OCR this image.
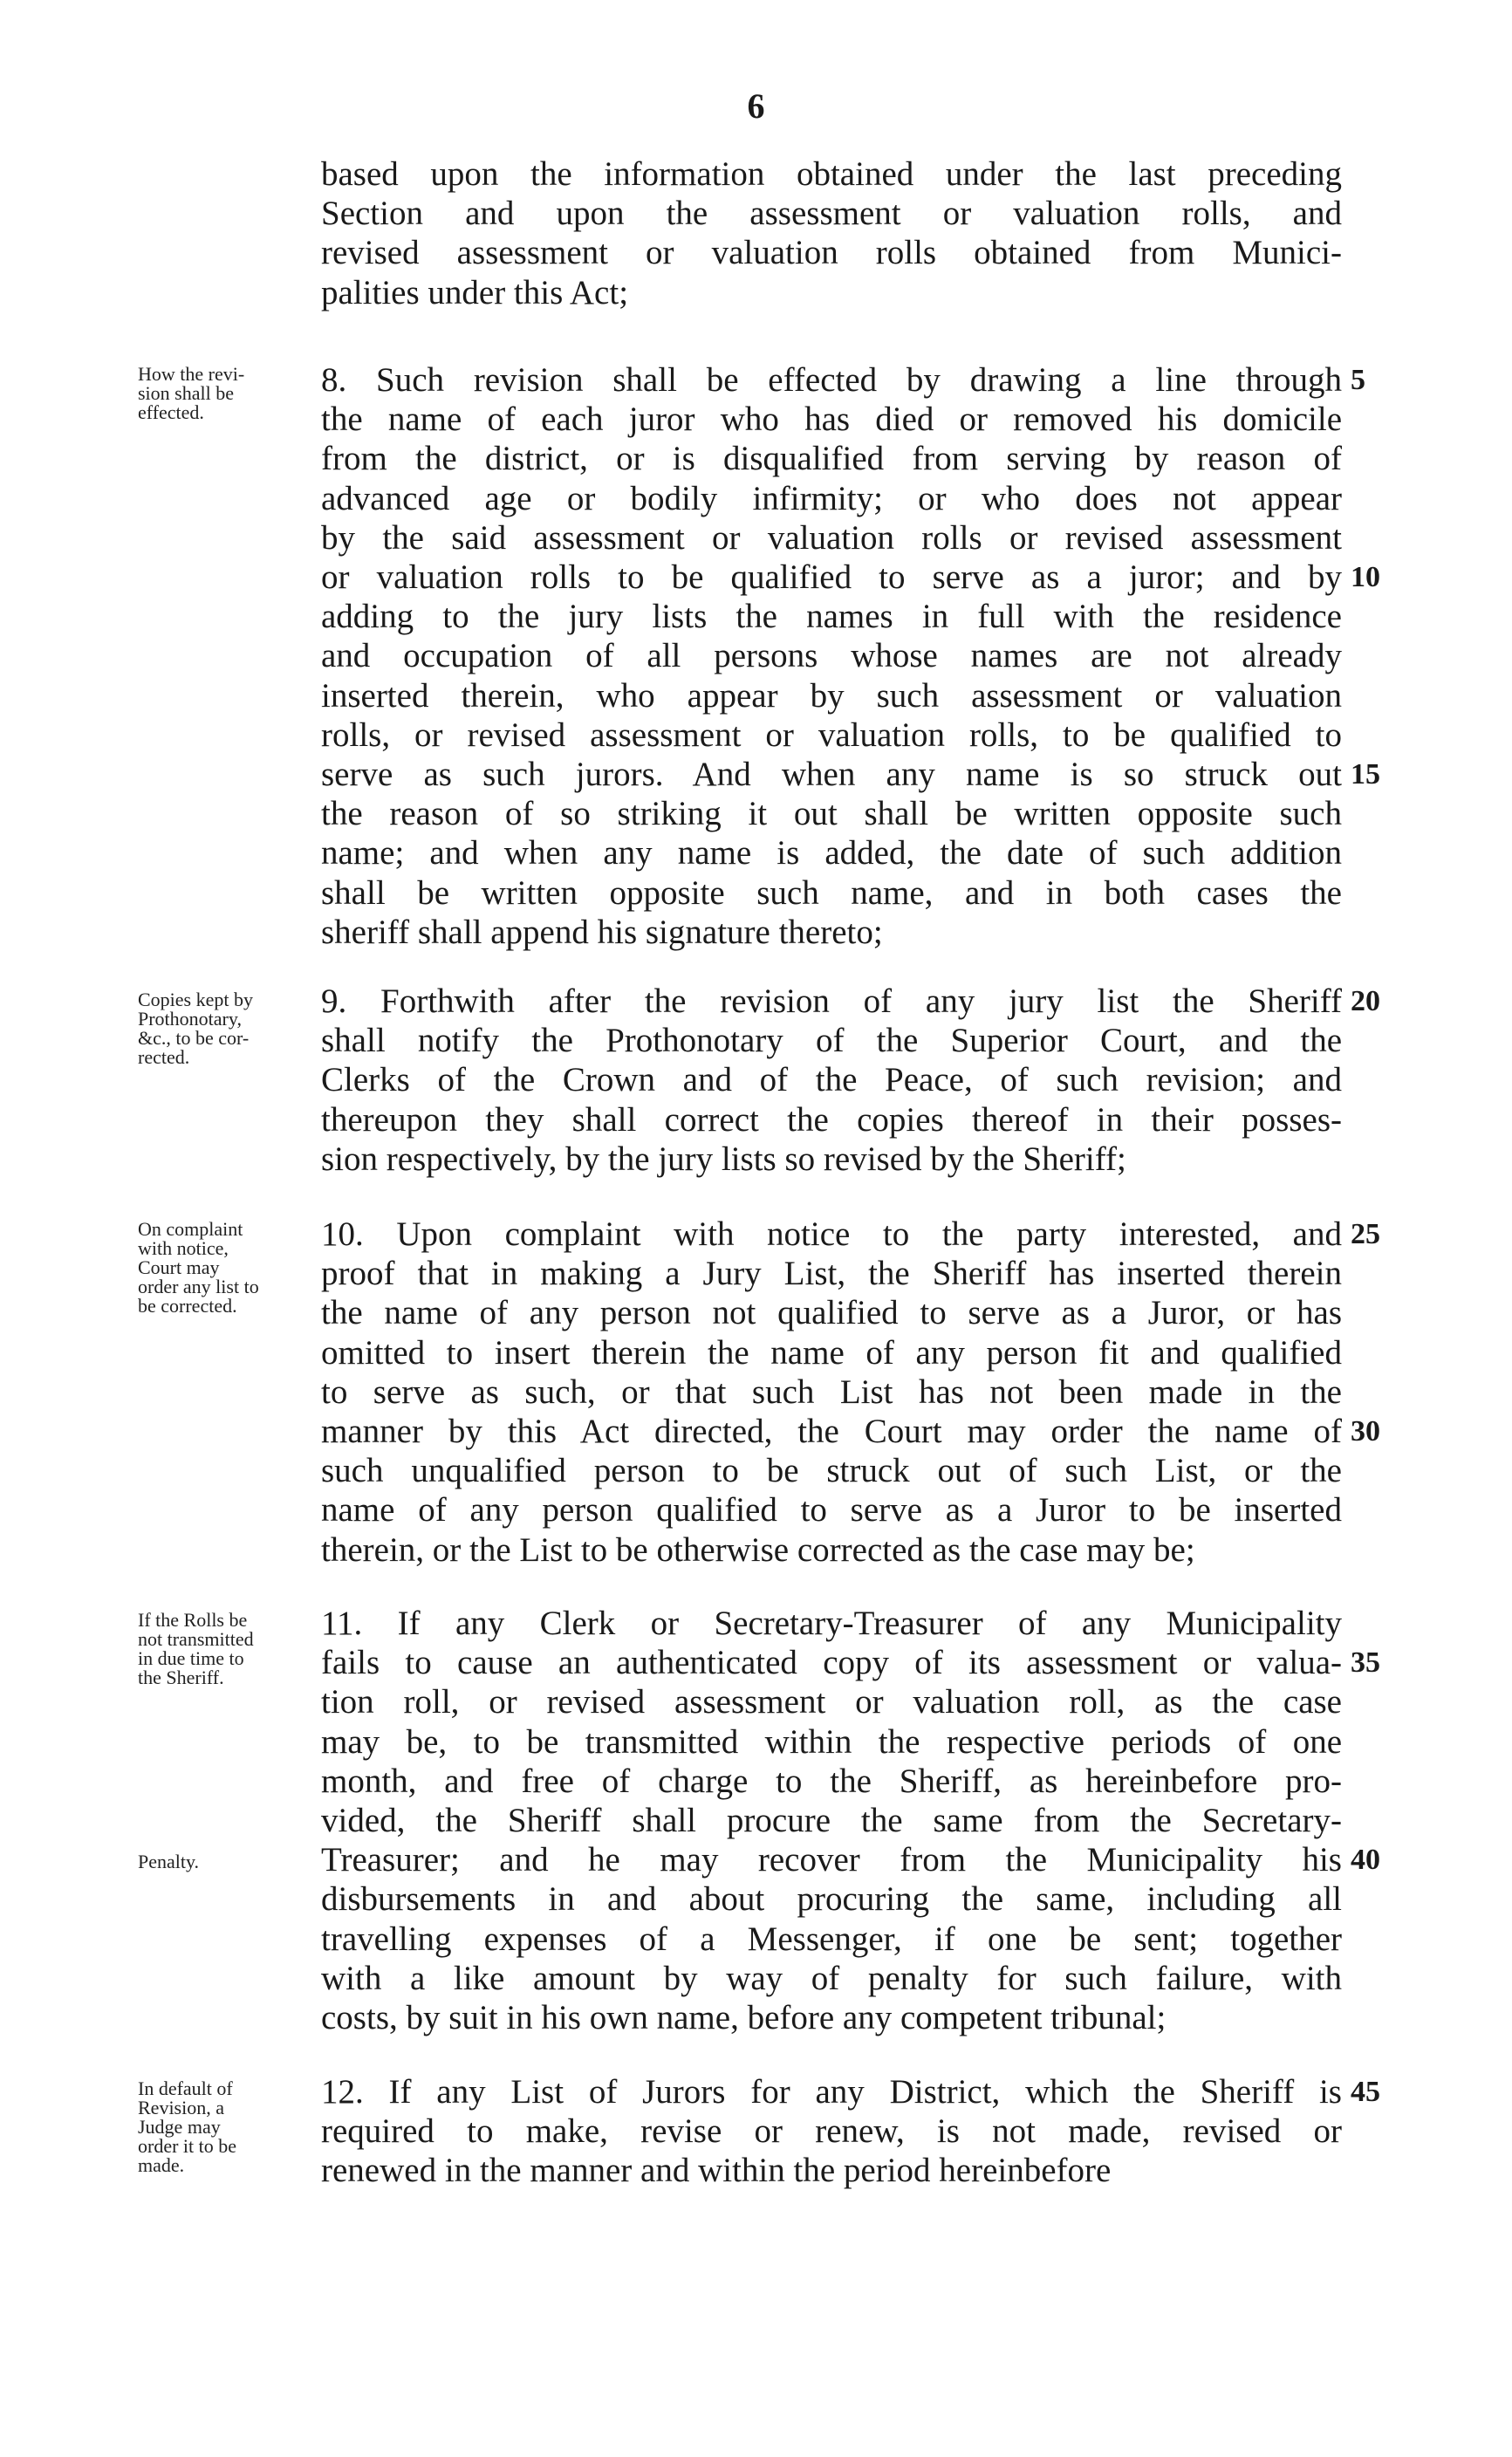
6
based upon the information obtained under the last preceding
Section and upon the assessment or valuation rolls, and
revised assessment or valuation rolls obtained from Munici-
palities under this Act;
8. Such revision shall be effected by drawing a line through
the name of each juror who has died or removed his domicile
from the district, or is disqualified from serving by reason of
advanced age or bodily infirmity; or who does not appear
by the said assessment or valuation rolls or revised assessment
or valuation rolls to be qualified to serve as a juror; and by
adding to the jury lists the names in full with the residence
and occupation of all persons whose names are not already
inserted therein, who appear by such assessment or valuation
rolls, or revised assessment or valuation rolls, to be qualified to
serve as such jurors. And when any name is so struck out
the reason of so striking it out shall be written opposite such
name; and when any name is added, the date of such addition
shall be written opposite such name, and in both cases the
sheriff shall append his signature thereto;
How the revi-
sion shall be
effected.
5
10
15
9. Forthwith after the revision of any jury list the Sheriff
shall notify the Prothonotary of the Superior Court, and the
Clerks of the Crown and of the Peace, of such revision; and
thereupon they shall correct the copies thereof in their posses-
sion respectively, by the jury lists so revised by the Sheriff;
Copies kept by
Prothonotary,
&c., to be cor-
rected.
20
10. Upon complaint with notice to the party interested, and
proof that in making a Jury List, the Sheriff has inserted therein
the name of any person not qualified to serve as a Juror, or has
omitted to insert therein the name of any person fit and qualified
to serve as such, or that such List has not been made in the
manner by this Act directed, the Court may order the name of
such unqualified person to be struck out of such List, or the
name of any person qualified to serve as a Juror to be inserted
therein, or the List to be otherwise corrected as the case may be;
On complaint
with notice,
Court may
order any list to
be corrected.
25
30
11. If any Clerk or Secretary-Treasurer of any Municipality
fails to cause an authenticated copy of its assessment or valua-
tion roll, or revised assessment or valuation roll, as the case
may be, to be transmitted within the respective periods of one
month, and free of charge to the Sheriff, as hereinbefore pro-
vided, the Sheriff shall procure the same from the Secretary-
Treasurer; and he may recover from the Municipality his
disbursements in and about procuring the same, including all
travelling expenses of a Messenger, if one be sent; together
with a like amount by way of penalty for such failure, with
costs, by suit in his own name, before any competent tribunal;
If the Rolls be
not transmitted
in due time to
the Sheriff.
Penalty.
35
40
12. If any List of Jurors for any District, which the Sheriff is
required to make, revise or renew, is not made, revised or
renewed in the manner and within the period hereinbefore
In default of
Revision, a
Judge may
order it to be
made.
45
